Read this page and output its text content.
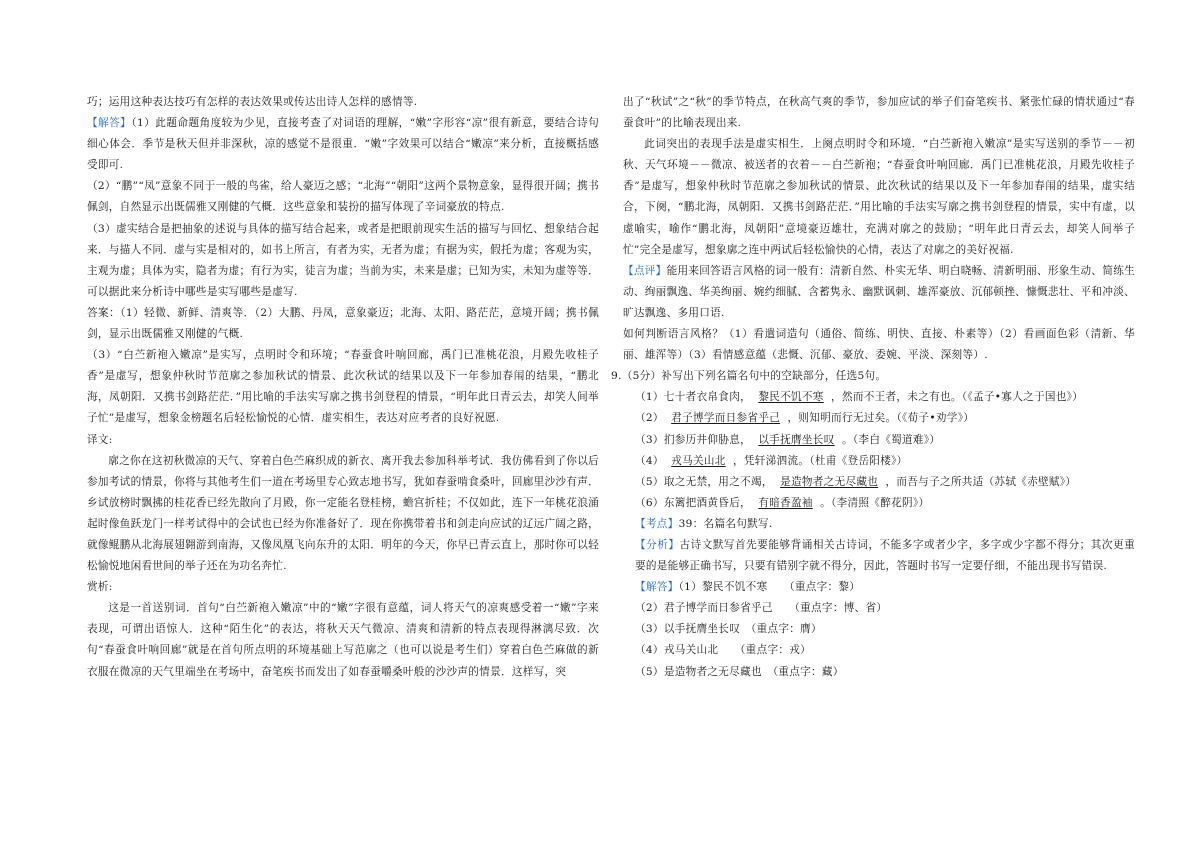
巧；运用这种表达技巧有怎样的表达效果或传达出诗人怎样的感情等.

【解答】（1）此题命题角度较为少见，直接考查了对词语的理解，“嫩”字形容“凉”很有新意，要结合诗句细心体会．季节是秋天但并非深秋，凉的感觉不是很重．“嫩”字效果可以结合“嫩凉”来分析，直接概括感受即可.

（2）“鹏”“凤”意象不同于一般的鸟雀，给人豪迈之感；“北海”“朝阳”这两个景物意象，显得很开阔；携书佩剑，自然显示出既儒雅又刚健的气概．这些意象和装扮的描写体现了辛词豪放的特点.

（3）虚实结合是把抽象的述说与具体的描写结合起来，或者是把眼前现实生活的描写与回忆、想象结合起来．与描人不同．虚与实是相对的，如书上所言，有者为实，无者为虚；有据为实，假托为虚；客观为实，主观为虚；具体为实，隐者为虚；有行为实，徒言为虚；当前为实，未来是虚；已知为实，未知为虚等等．可以据此来分析诗中哪些是实写哪些是虚写.

答案：（1）轻微、新鲜、清爽等．（2）大鹏、丹凤，意象豪迈；北海、太阳、路茫茫，意境开阔；携书佩剑，显示出既儒雅又刚健的气概.

（3）“白苎新袍入嫩凉”是实写，点明时令和环境；“春蚕食叶响回廊，禹门已准桃花浪，月殿先收桂子香”是虚写，想象仲秋时节范廓之参加秋试的情景、此次秋试的结果以及下一年参加春闱的结果，“鹏北海，凤朝阳．又携书剑路茫茫．”用比喻的手法实写廓之携书剑登程的情景，“明年此日青云去，却笑人间举子忙”是虚写，想象金榜题名后轻松愉悦的心情．虚实相生，表达对应考者的良好祝愿.

译文:

廓之你在这初秋微凉的天气、穿着白色苎麻织成的新衣、离开我去参加科举考试．我仿佛看到了你以后参加考试的情景，你将与其他考生们一道在考场里专心致志地书写，犹如春蚕啃食桑叶，回廊里沙沙有声．乡试放榜时飘拂的桂花香已经先散向了月殿，你一定能名登桂榜，蟾宫折桂；不仅如此，连下一年桃花浪涌起时像鱼跃龙门一样考试得中的会试也已经为你准备好了．现在你携带着书和剑走向应试的辽远广阔之路，就像鲲鹏从北海展翅翱游到南海，又像凤凰飞向东升的太阳．明年的今天，你早已青云直上，那时你可以轻松愉悦地闲看世间的举子还在为功名奔忙.

赏析:

这是一首送别词．首句“白苎新袍入嫩凉”中的“嫩”字很有意蕴，词人将天气的凉爽感受着一“嫩”字来表现，可谓出语惊人．这种“陌生化”的表达，将秋天天气微凉、清爽和清新的特点表现得淋漓尽致．次句“春蚕食叶响回廊”就是在首句所点明的环境基础上写范廓之（也可以说是考生们）穿着白色苎麻做的新衣服在微凉的天气里端坐在考场中，奋笔疾书而发出了如春蚕嚼桑叶般的沙沙声的情景．这样写，突

出了“秋试”之“秋”的季节特点，在秋高气爽的季节，参加应试的举子们奋笔疾书、紧张忙碌的情状通过“春蚕食叶”的比喻表现出来.

此词突出的表现手法是虚实相生．上阕点明时令和环境．“白苎新袍入嫩凉”是实写送别的季节－－初秋、天气环境－－微凉、被送者的衣着－－白苎新袍；“春蚕食叶响回廊．禹门已准桃花浪，月殿先收桂子香”是虚写，想象仲秋时节范廓之参加秋试的情景、此次秋试的结果以及下一年参加春闱的结果，虚实结合，下阕，“鹏北海，凤朝阳．又携书剑路茫茫．”用比喻的手法实写廓之携书剑登程的情景，实中有虚，以虚喻实，喻作“鹏北海，凤朝阳”意境豪迈雄壮，充满对廓之的鼓励；“明年此日青云去，却笑人间举子忙”完全是虚写，想象廓之连中两试后轻松愉快的心情，表达了对廓之的美好祝福.

【点评】能用来回答语言风格的词一般有：清新自然、朴实无华、明白晓畅、清新明丽、形象生动、简练生动、绚丽飘逸、华美绚丽、婉约细腻、含蓄隽永、幽默讽刺、雄浑豪放、沉郁顿挫、慷慨悲壮、平和冲淡、旷达飘逸、多用口语.

如何判断语言风格？（1）看遣词造句（通俗、简练、明快、直接、朴素等）（2）看画面色彩（清新、华丽、雄浑等）（3）看情感意蕴（悲慨、沉郁、豪放、委婉、平淡、深刻等）.

9.（5分）补写出下列名篇名句中的空缺部分，任选5句。

（1）七十者衣帛食肉， 黎民不饥不寒 ，然而不王者，未之有也。（《孟子•寡人之于国也》）

（2） 君子博学而日参省乎己 ，则知明而行无过矣。（《荀子•劝学》）

（3）扪参历井仰胁息， 以手抚膺坐长叹 。（李白《蜀道难》）

（4） 戎马关山北 ，凭轩涕泗流。（杜甫《登岳阳楼》）

（5）取之无禁，用之不竭， 是造物者之无尽藏也 ，而吾与子之所共适（苏轼《赤壁赋》）

（6）东篱把酒黄昏后， 有暗香盈袖 。（李清照《醉花阴》）

【考点】39：名篇名句默写.

【分析】古诗文默写首先要能够背诵相关古诗词，不能多字或者少字，多字或少字都不得分；其次更重要的是能够正确书写，只要有错别字就不得分，因此，答题时书写一定要仔细，不能出现书写错误.

【解答】（1）黎民不饥不寒　　（重点字：黎）

（2）君子博学而日参省乎己　　（重点字：博、省）

（3）以手抚膺坐长叹　（重点字：膺）

（4）戎马关山北　　（重点字：戎）

（5）是造物者之无尽藏也　（重点字：藏）
